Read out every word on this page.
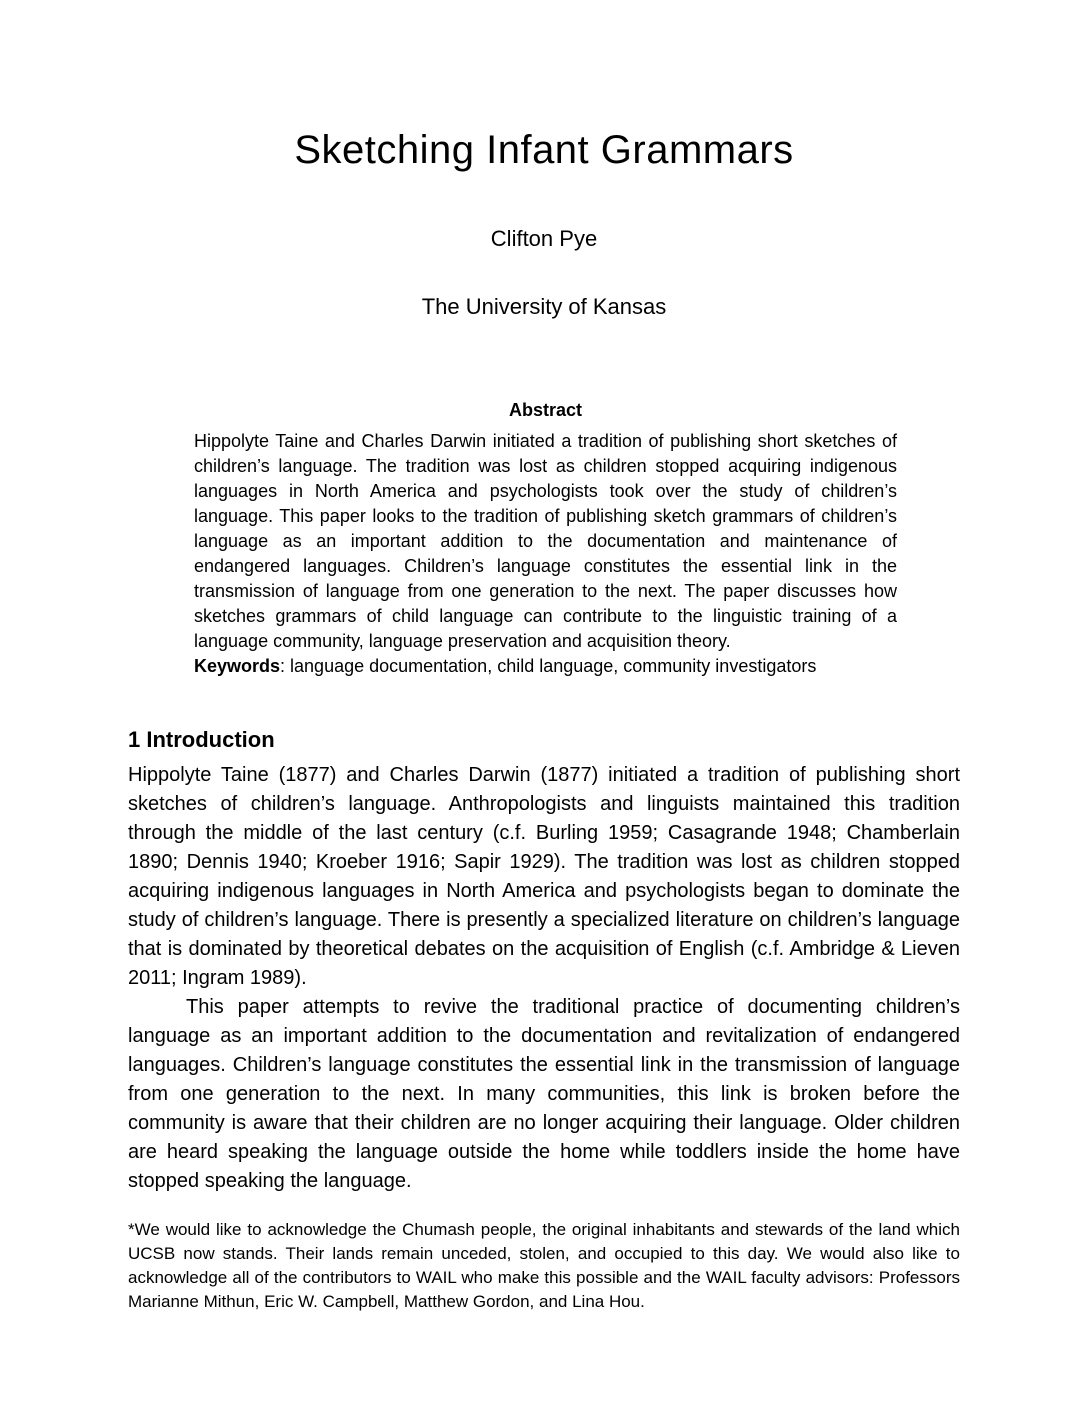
Sketching Infant Grammars
Clifton Pye
The University of Kansas
Abstract

Hippolyte Taine and Charles Darwin initiated a tradition of publishing short sketches of children’s language. The tradition was lost as children stopped acquiring indigenous languages in North America and psychologists took over the study of children’s language. This paper looks to the tradition of publishing sketch grammars of children’s language as an important addition to the documentation and maintenance of endangered languages. Children’s language constitutes the essential link in the transmission of language from one generation to the next. The paper discusses how sketches grammars of child language can contribute to the linguistic training of a language community, language preservation and acquisition theory.

Keywords: language documentation, child language, community investigators

1 Introduction

Hippolyte Taine (1877) and Charles Darwin (1877) initiated a tradition of publishing short sketches of children’s language. Anthropologists and linguists maintained this tradition through the middle of the last century (c.f. Burling 1959; Casagrande 1948; Chamberlain 1890; Dennis 1940; Kroeber 1916; Sapir 1929). The tradition was lost as children stopped acquiring indigenous languages in North America and psychologists began to dominate the study of children’s language. There is presently a specialized literature on children’s language that is dominated by theoretical debates on the acquisition of English (c.f. Ambridge & Lieven 2011; Ingram 1989).

This paper attempts to revive the traditional practice of documenting children’s language as an important addition to the documentation and revitalization of endangered languages. Children’s language constitutes the essential link in the transmission of language from one generation to the next. In many communities, this link is broken before the community is aware that their children are no longer acquiring their language. Older children are heard speaking the language outside the home while toddlers inside the home have stopped speaking the language.

*We would like to acknowledge the Chumash people, the original inhabitants and stewards of the land which UCSB now stands. Their lands remain unceded, stolen, and occupied to this day. We would also like to acknowledge all of the contributors to WAIL who make this possible and the WAIL faculty advisors: Professors Marianne Mithun, Eric W. Campbell, Matthew Gordon, and Lina Hou.
